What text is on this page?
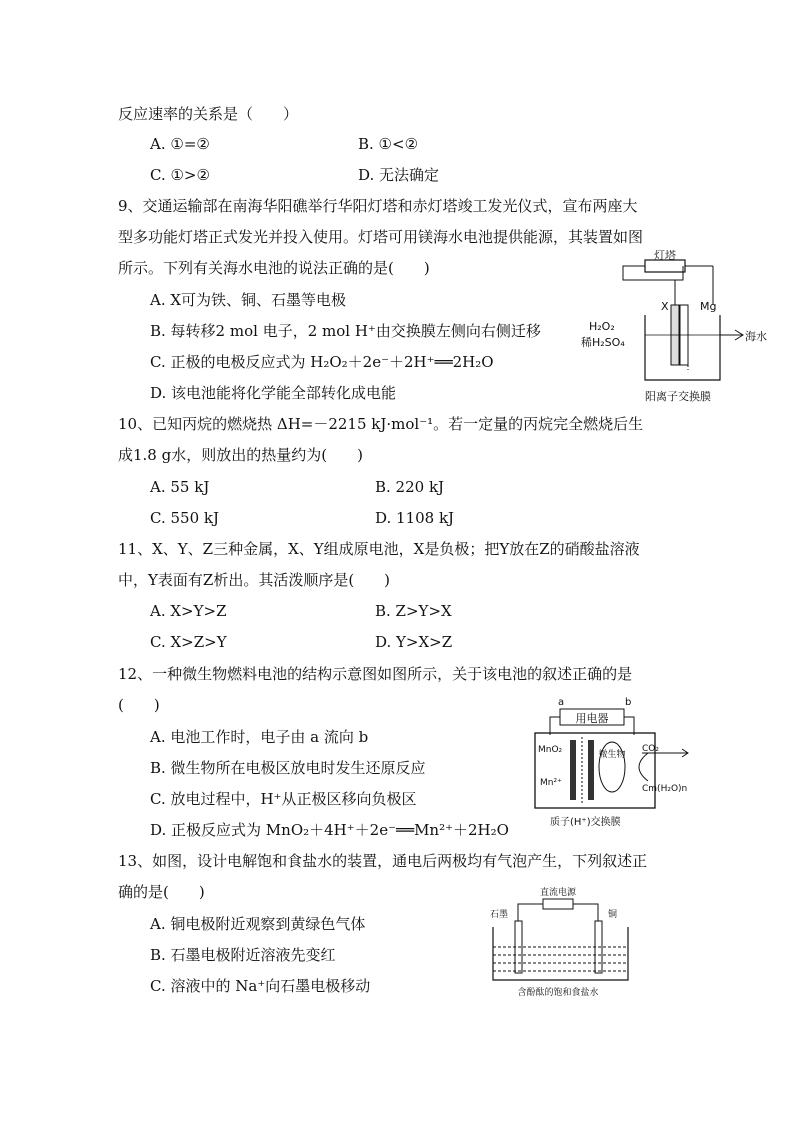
反应速率的关系是（　　）
A. ①=②	B. ①<②
C. ①>②	D. 无法确定
9、交通运输部在南海华阳礁举行华阳灯塔和赤灯塔竣工发光仪式，宣布两座大
型多功能灯塔正式发光并投入使用。灯塔可用镁海水电池提供能源，其装置如图
所示。下列有关海水电池的说法正确的是(　　)
A. X可为铁、铜、石墨等电极
B. 每转移2 mol 电子，2 mol H⁺由交换膜左侧向右侧迁移
C. 正极的电极反应式为 H₂O₂＋2e⁻＋2H⁺══2H₂O
D. 该电池能将化学能全部转化成电能
灯塔
X	Mg
H₂O₂
稀H₂SO₄	海水
阳离子交换膜
10、已知丙烷的燃烧热 ΔH=－2215 kJ·mol⁻¹。若一定量的丙烷完全燃烧后生
成1.8 g水，则放出的热量约为(　　)
A. 55 kJ	B. 220 kJ
C. 550 kJ	D. 1108 kJ
11、X、Y、Z三种金属，X、Y组成原电池，X是负极；把Y放在Z的硝酸盐溶液
中，Y表面有Z析出。其活泼顺序是(　　)
A. X>Y>Z	B. Z>Y>X
C. X>Z>Y	D. Y>X>Z
12、一种微生物燃料电池的结构示意图如图所示，关于该电池的叙述正确的是
(　　)
A. 电池工作时，电子由 a 流向 b
B. 微生物所在电极区放电时发生还原反应
C. 放电过程中，H⁺从正极区移向负极区
D. 正极反应式为 MnO₂＋4H⁺＋2e⁻══Mn²⁺＋2H₂O
a	b
用电器
微生物
MnO₂
Mn²⁺
CO₂
Cm(H₂O)n
质子(H⁺)交换膜
13、如图，设计电解饱和食盐水的装置，通电后两极均有气泡产生，下列叙述正
确的是(　　)
A. 铜电极附近观察到黄绿色气体
B. 石墨电极附近溶液先变红
C. 溶液中的 Na⁺向石墨电极移动
直流电源
石墨	铜
含酚酞的饱和食盐水
